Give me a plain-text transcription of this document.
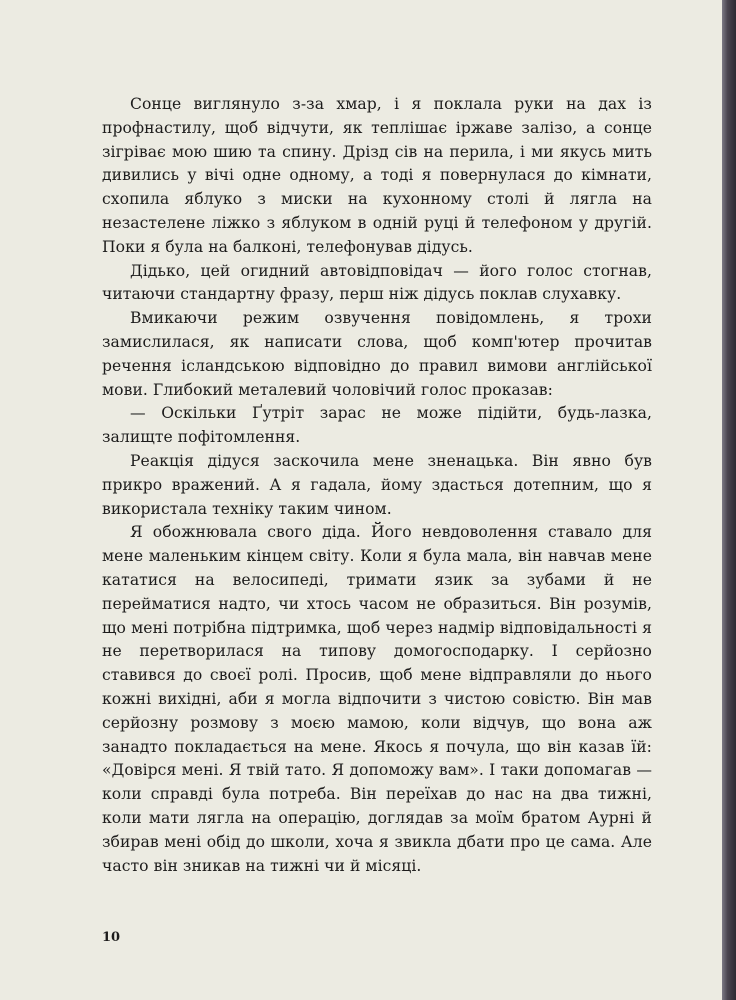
Сонце виглянуло з-за хмар, і я поклала руки на дах із профнастилу, щоб відчути, як теплішає іржаве залізо, а сонце зігріває мою шию та спину. Дрізд сів на перила, і ми якусь мить дивились у вічі одне одному, а тоді я повернулася до кімнати, схопила яблуко з миски на кухонному столі й лягла на незастелене ліжко з яблуком в одній руці й телефоном у другій. Поки я була на балконі, телефонував дідусь.

Дідько, цей огидний автовідповідач — його голос стогнав, читаючи стандартну фразу, перш ніж дідусь поклав слухавку.

Вмикаючи режим озвучення повідомлень, я трохи замислилася, як написати слова, щоб комп'ютер прочитав речення ісландською відповідно до правил вимови англійської мови. Глибокий металевий чоловічий голос проказав:

— Оскільки Ґутріт зарас не може підійти, будь-лазка, залищте пофітомлення.

Реакція дідуся заскочила мене зненацька. Він явно був прикро вражений. А я гадала, йому здасться дотепним, що я використала техніку таким чином.

Я обожнювала свого діда. Його невдоволення ставало для мене маленьким кінцем світу. Коли я була мала, він навчав мене кататися на велосипеді, тримати язик за зубами й не перейматися надто, чи хтось часом не образиться. Він розумів, що мені потрібна підтримка, щоб через надмір відповідальності я не перетворилася на типову домогосподарку. І серйозно ставився до своєї ролі. Просив, щоб мене відправляли до нього кожні вихідні, аби я могла відпочити з чистою совістю. Він мав серйозну розмову з моєю мамою, коли відчув, що вона аж занадто покладається на мене. Якось я почула, що він казав їй: «Довірся мені. Я твій тато. Я допоможу вам». І таки допомагав — коли справді була потреба. Він переїхав до нас на два тижні, коли мати лягла на операцію, доглядав за моїм братом Аурні й збирав мені обід до школи, хоча я звикла дбати про це сама. Але часто він зникав на тижні чи й місяці.

10
